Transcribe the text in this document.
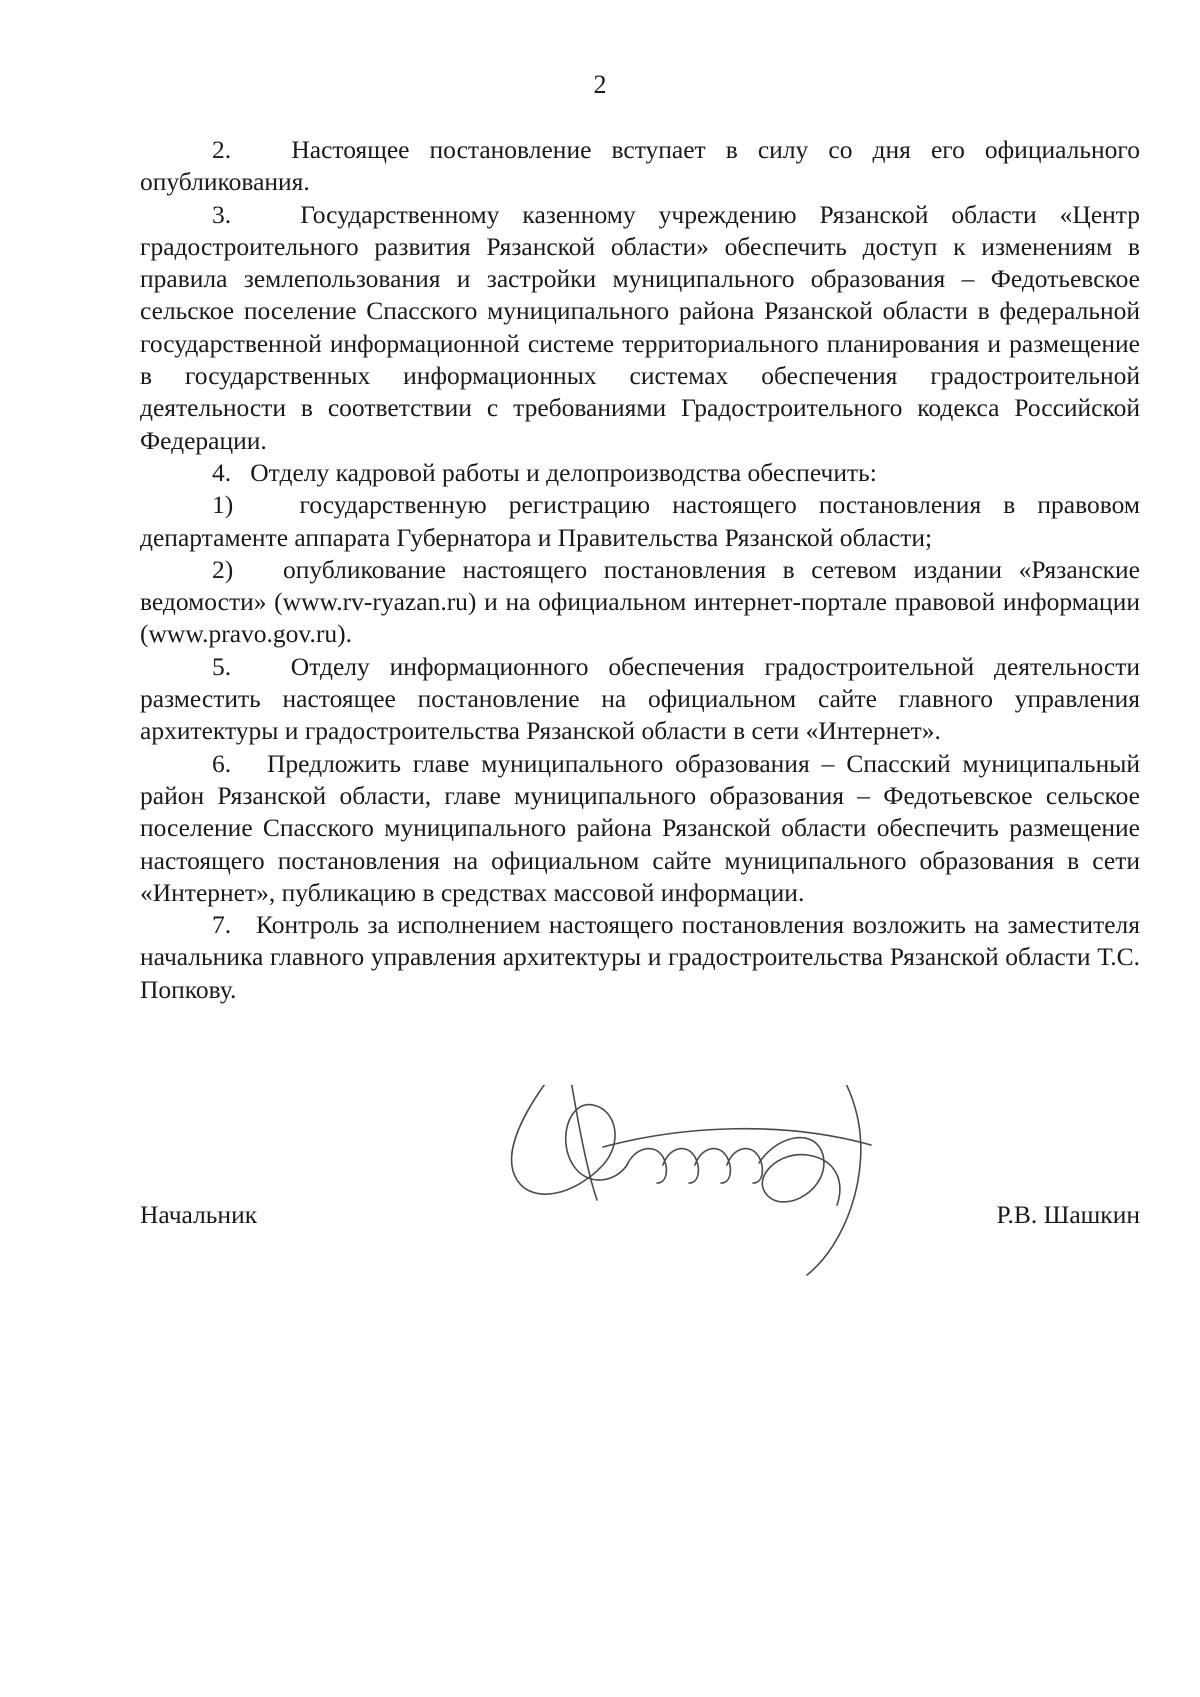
2

2.   Настоящее постановление вступает в силу со дня его официального опубликования.

3.   Государственному казенному учреждению Рязанской области «Центр градостроительного развития Рязанской области» обеспечить доступ к изменениям в правила землепользования и застройки муниципального образования – Федотьевское сельское поселение Спасского муниципального района Рязанской области в федеральной государственной информационной системе территориального планирования и размещение в государственных информационных системах обеспечения градостроительной деятельности в соответствии с требованиями Градостроительного кодекса Российской Федерации.

4.   Отделу кадровой работы и делопроизводства обеспечить:

1)   государственную регистрацию настоящего постановления в правовом департаменте аппарата Губернатора и Правительства Рязанской области;

2)   опубликование настоящего постановления в сетевом издании «Рязанские ведомости» (www.rv-ryazan.ru) и на официальном интернет-портале правовой информации (www.pravo.gov.ru).

5.   Отделу информационного обеспечения градостроительной деятельности разместить настоящее постановление на официальном сайте главного управления архитектуры и градостроительства Рязанской области в сети «Интернет».

6.   Предложить главе муниципального образования – Спасский муниципальный район Рязанской области, главе муниципального образования – Федотьевское сельское поселение Спасского муниципального района Рязанской области обеспечить размещение настоящего постановления на официальном сайте муниципального образования в сети «Интернет», публикацию в средствах массовой информации.

7.   Контроль за исполнением настоящего постановления возложить на заместителя начальника главного управления архитектуры и градостроительства Рязанской области Т.С. Попкову.

Начальник	Р.В. Шашкин
